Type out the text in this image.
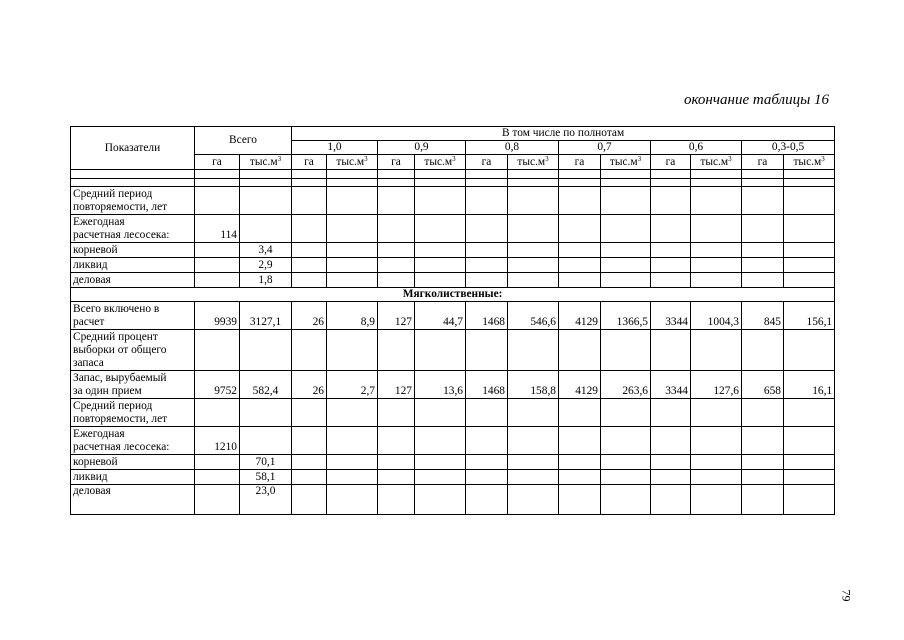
окончание таблицы 16
Показатели	Всего		В том числе по полнотам											
			1,0		0,9		0,8		0,7		0,6		0,3-0,5	
	га	$тыс.м^3$	га	$тыс.м^3$	га	$тыс.м^3$	га	$тыс.м^3$	га	$тыс.м^3$	га	$тыс.м^3$	га	$тыс.м^3$

Средний период
повторяемости, лет														

Ежегодная
расчетная лесосека:	114													

корневой		3,4												

ликвид		2,9												

деловая		1,8												
Мягколиственные:														

Всего включено в
расчет	9939	3127,1	26	8,9	127	44,7	1468	546,6	4129	1366,5	3344	1004,3	845	156,1

Средний процент
выборки от общего
запаса														

Запас, вырубаемый
за один прием	9752	582,4	26	2,7	127	13,6	1468	158,8	4129	263,6	3344	127,6	658	16,1

Средний период
повторяемости, лет														

Ежегодная
расчетная лесосека:	1210													

корневой		70,1												

ликвид		58,1												

деловая		23,0												
79
